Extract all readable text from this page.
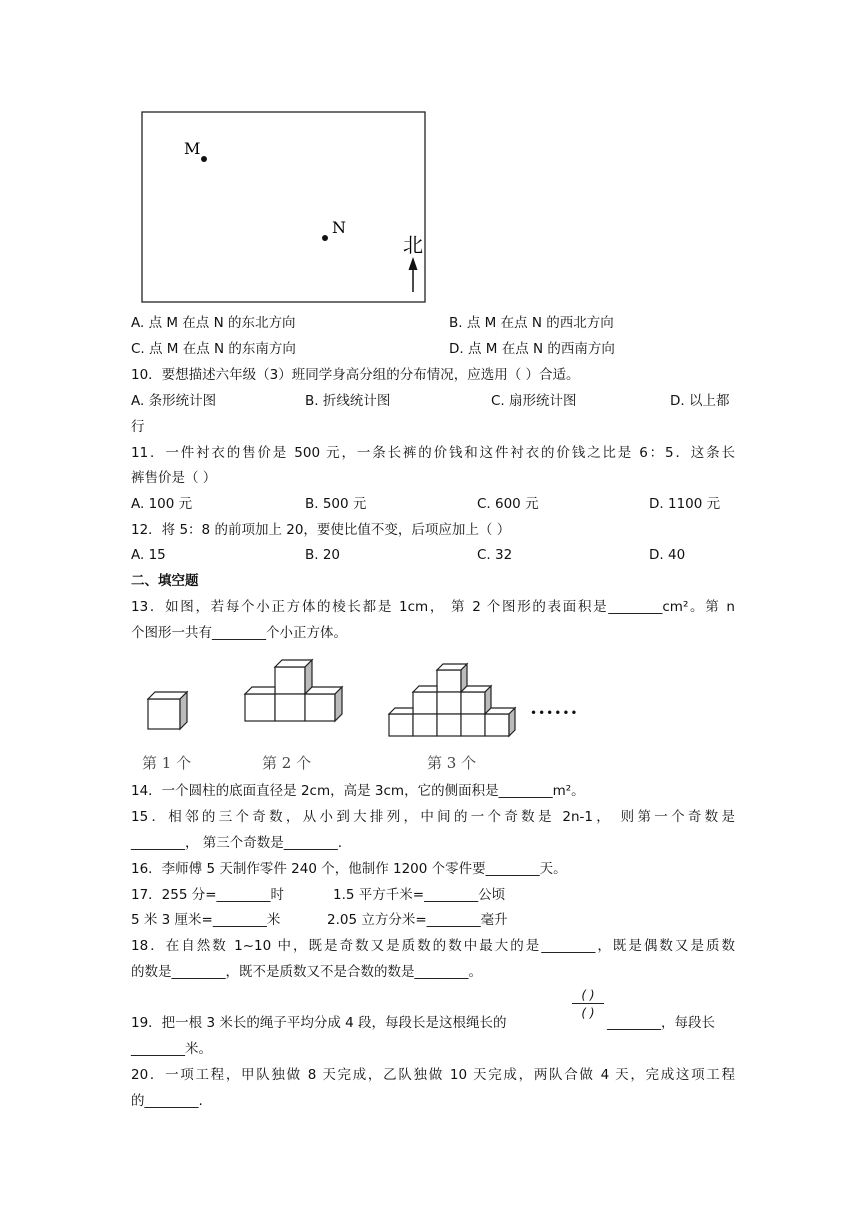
M
N
北
A. 点 M 在点 N 的东北方向	B. 点 M 在点 N 的西北方向
C. 点 M 在点 N 的东南方向	D. 点 M 在点 N 的西南方向
10．要想描述六年级（3）班同学身高分组的分布情况，应选用（ ）合适。
A. 条形统计图	B. 折线统计图	C. 扇形统计图	D. 以上都
行
11．一件衬衣的售价是 500 元，一条长裤的价钱和这件衬衣的价钱之比是 6：5．这条长
裤售价是（ ）
A. 100 元	B. 500 元	C. 600 元	D. 1100 元
12．将 5：8 的前项加上 20，要使比值不变，后项应加上（ ）
A. 15	B. 20	C. 32	D. 40
二、填空题
13．如图，若每个小正方体的棱长都是 1cm， 第 2 个图形的表面积是________cm²。第 n
个图形一共有________个小正方体。
第 1 个	第 2 个	第 3 个
••••••
14．一个圆柱的底面直径是 2cm，高是 3cm，它的侧面积是________m²。
15．相邻的三个奇数，从小到大排列，中间的一个奇数是 2n-1， 则第一个奇数是
________， 第三个奇数是________.
16．李师傅 5 天制作零件 240 个，他制作 1200 个零件要________天。
17．255 分=________时	1.5 平方千米=________公顷
5 米 3 厘米=________米	2.05 立方分米=________毫升
18．在自然数 1~10 中，既是奇数又是质数的数中最大的是________，既是偶数又是质数
的数是________，既不是质数又不是合数的数是________。
19．把一根 3 米长的绳子平均分成 4 段，每段长是这根绳长的
( )
( )
________，每段长
________米。
20．一项工程，甲队独做 8 天完成，乙队独做 10 天完成，两队合做 4 天，完成这项工程
的________.
